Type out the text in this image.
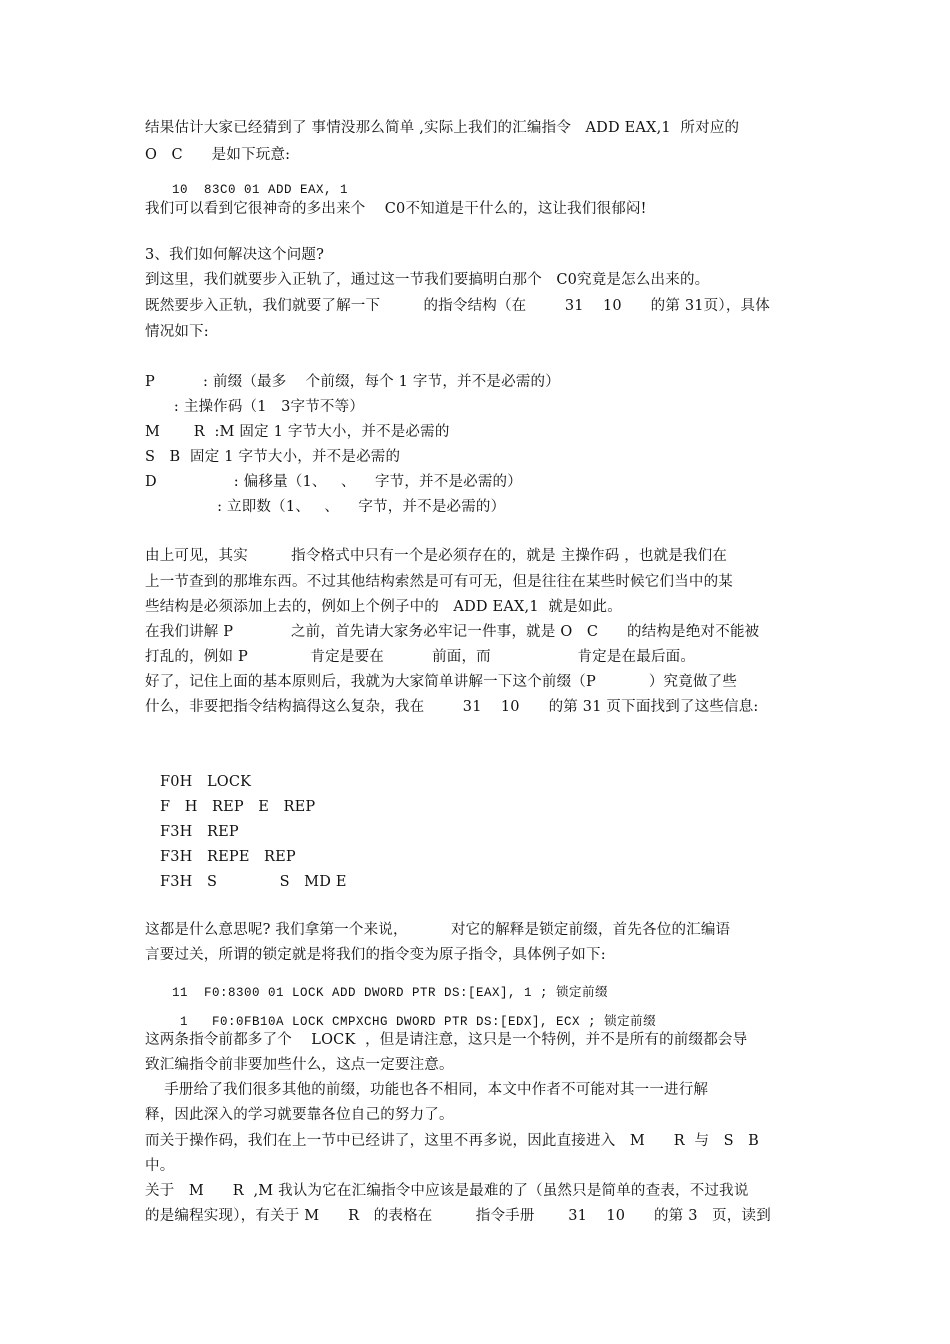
结果估计大家已经猜到了 事情没那么简单 ,实际上我们的汇编指令   ADD EAX,1  所对应的

O   C      是如下玩意:

10  83C0 01 ADD EAX, 1

我们可以看到它很神奇的多出来个    C0不知道是干什么的，这让我们很郁闷!

3、我们如何解决这个问题?

到这里，我们就要步入正轨了，通过这一节我们要搞明白那个   C0究竟是怎么出来的。

既然要步入正轨，我们就要了解一下         的指令结构（在        31    10      的第 31页），具体

情况如下:

P          : 前缀（最多    个前缀，每个 1 字节，并不是必需的）

: 主操作码（1   3字节不等）

M       R  :M 固定 1 字节大小，并不是必需的

S   B  固定 1 字节大小，并不是必需的

D                : 偏移量（1、   、    字节，并不是必需的）

: 立即数（1、   、    字节，并不是必需的）

由上可见，其实         指令格式中只有一个是必须存在的，就是 主操作码 ，也就是我们在

上一节查到的那堆东西。不过其他结构索然是可有可无，但是往往在某些时候它们当中的某

些结构是必须添加上去的，例如上个例子中的   ADD EAX,1  就是如此。

在我们讲解 P            之前，首先请大家务必牢记一件事，就是 O   C      的结构是绝对不能被

打乱的，例如 P             肯定是要在          前面，而                  肯定是在最后面。

好了，记住上面的基本原则后，我就为大家简单讲解一下这个前缀（P           ）究竟做了些

什么，非要把指令结构搞得这么复杂，我在        31    10      的第 31 页下面找到了这些信息:

F0H   LOCK

F   H   REP   E   REP

F3H   REP

F3H   REPE   REP

F3H   S             S   MD E

这都是什么意思呢? 我们拿第一个来说，         对它的解释是锁定前缀，首先各位的汇编语

言要过关，所谓的锁定就是将我们的指令变为原子指令，具体例子如下:

11  F0:8300 01 LOCK ADD DWORD PTR DS:[EAX], 1 ; 锁定前缀

1   F0:0FB10A LOCK CMPXCHG DWORD PTR DS:[EDX], ECX ; 锁定前缀

这两条指令前都多了个    LOCK  ，但是请注意，这只是一个特例，并不是所有的前缀都会导

致汇编指令前非要加些什么，这点一定要注意。

手册给了我们很多其他的前缀，功能也各不相同，本文中作者不可能对其一一进行解

释，因此深入的学习就要靠各位自己的努力了。

而关于操作码，我们在上一节中已经讲了，这里不再多说，因此直接进入   M      R  与   S   B

中。

关于   M      R  ,M 我认为它在汇编指令中应该是最难的了（虽然只是简单的查表，不过我说

的是编程实现），有关于 M      R   的表格在         指令手册       31    10      的第 3   页，读到
